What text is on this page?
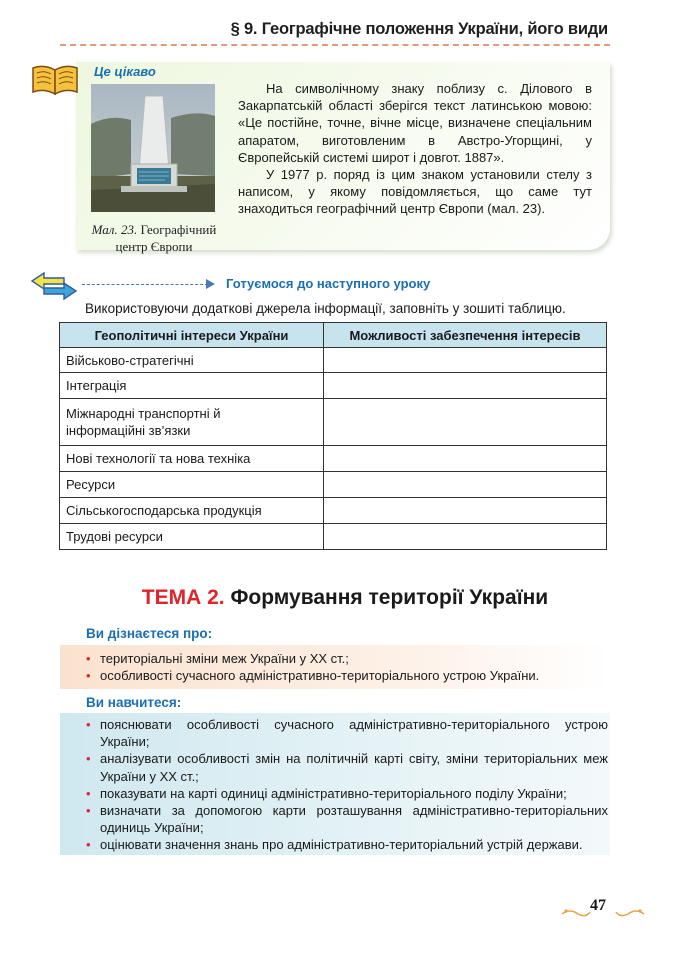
§ 9. Географічне положення України, його види
Це цікаво
Мал. 23. Географічний центр Європи

На символічному знаку поблизу с. Ділового в Закарпатській області зберігся текст латинською мовою: «Це постійне, точне, вічне місце, визначене спеціальним апаратом, виготовленим в Австро-Угорщині, у Європейській системі широт і довгот. 1887».

У 1977 р. поряд із цим знаком установили стелу з написом, у якому повідомляється, що саме тут знаходиться географічний центр Європи (мал. 23).

Готуємося до наступного уроку
Використовуючи додаткові джерела інформації, заповніть у зошиті таблицю.
Геополітичні інтереси України	Можливості забезпечення інтересів
Військово-стратегічні	
Інтеграція	
Міжнародні транспортні й інформаційні зв’язки	
Нові технології та нова техніка	
Ресурси	
Сільськогосподарська продукція	
Трудові ресурси	
ТЕМА 2. Формування території України
Ви дізнаєтеся про:
• територіальні зміни меж України у XX ст.;
• особливості сучасного адміністративно-територіального устрою України.
Ви навчитеся:
• пояснювати особливості сучасного адміністративно-територіального устрою України;
• аналізувати особливості змін на політичній карті світу, зміни територіальних меж України у XX ст.;
• показувати на карті одиниці адміністративно-територіального поділу України;
• визначати за допомогою карти розташування адміністративно-територіальних одиниць України;
• оцінювати значення знань про адміністративно-територіальний устрій держави.
47
